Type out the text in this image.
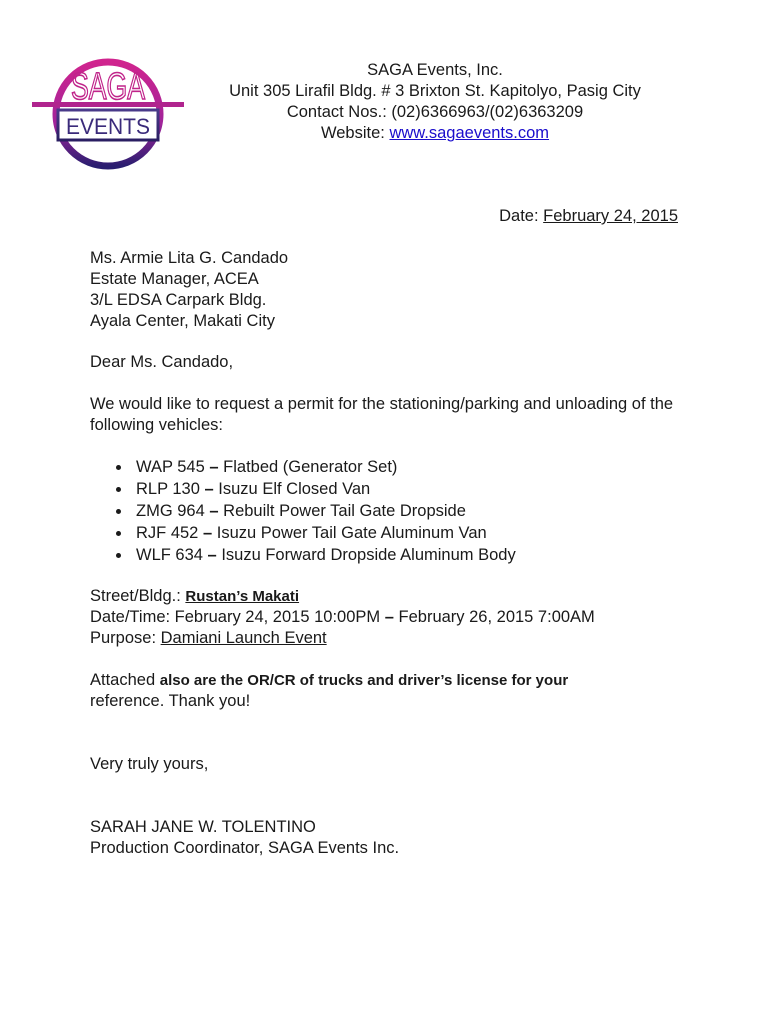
SAGA
EVENTS
SAGA Events, Inc.
Unit 305 Lirafil Bldg. # 3 Brixton St. Kapitolyo, Pasig City
Contact Nos.: (02)6366963/(02)6363209
Website: www.sagaevents.com
Date: February 24, 2015
Ms. Armie Lita G. Candado
Estate Manager, ACEA
3/L EDSA Carpark Bldg.
Ayala Center, Makati City
Dear Ms. Candado,
We would like to request a permit for the stationing/parking and unloading of the following vehicles:
WAP 545 – Flatbed (Generator Set)
RLP 130 – Isuzu Elf Closed Van
ZMG 964 – Rebuilt Power Tail Gate Dropside
RJF 452 – Isuzu Power Tail Gate Aluminum Van
WLF 634 – Isuzu Forward Dropside Aluminum Body
Street/Bldg.: Rustan’s Makati
Date/Time: February 24, 2015 10:00PM – February 26, 2015 7:00AM
Purpose: Damiani Launch Event
Attached also are the OR/CR of trucks and driver’s license for your
reference. Thank you!
Very truly yours,
SARAH JANE W. TOLENTINO
Production Coordinator, SAGA Events Inc.
